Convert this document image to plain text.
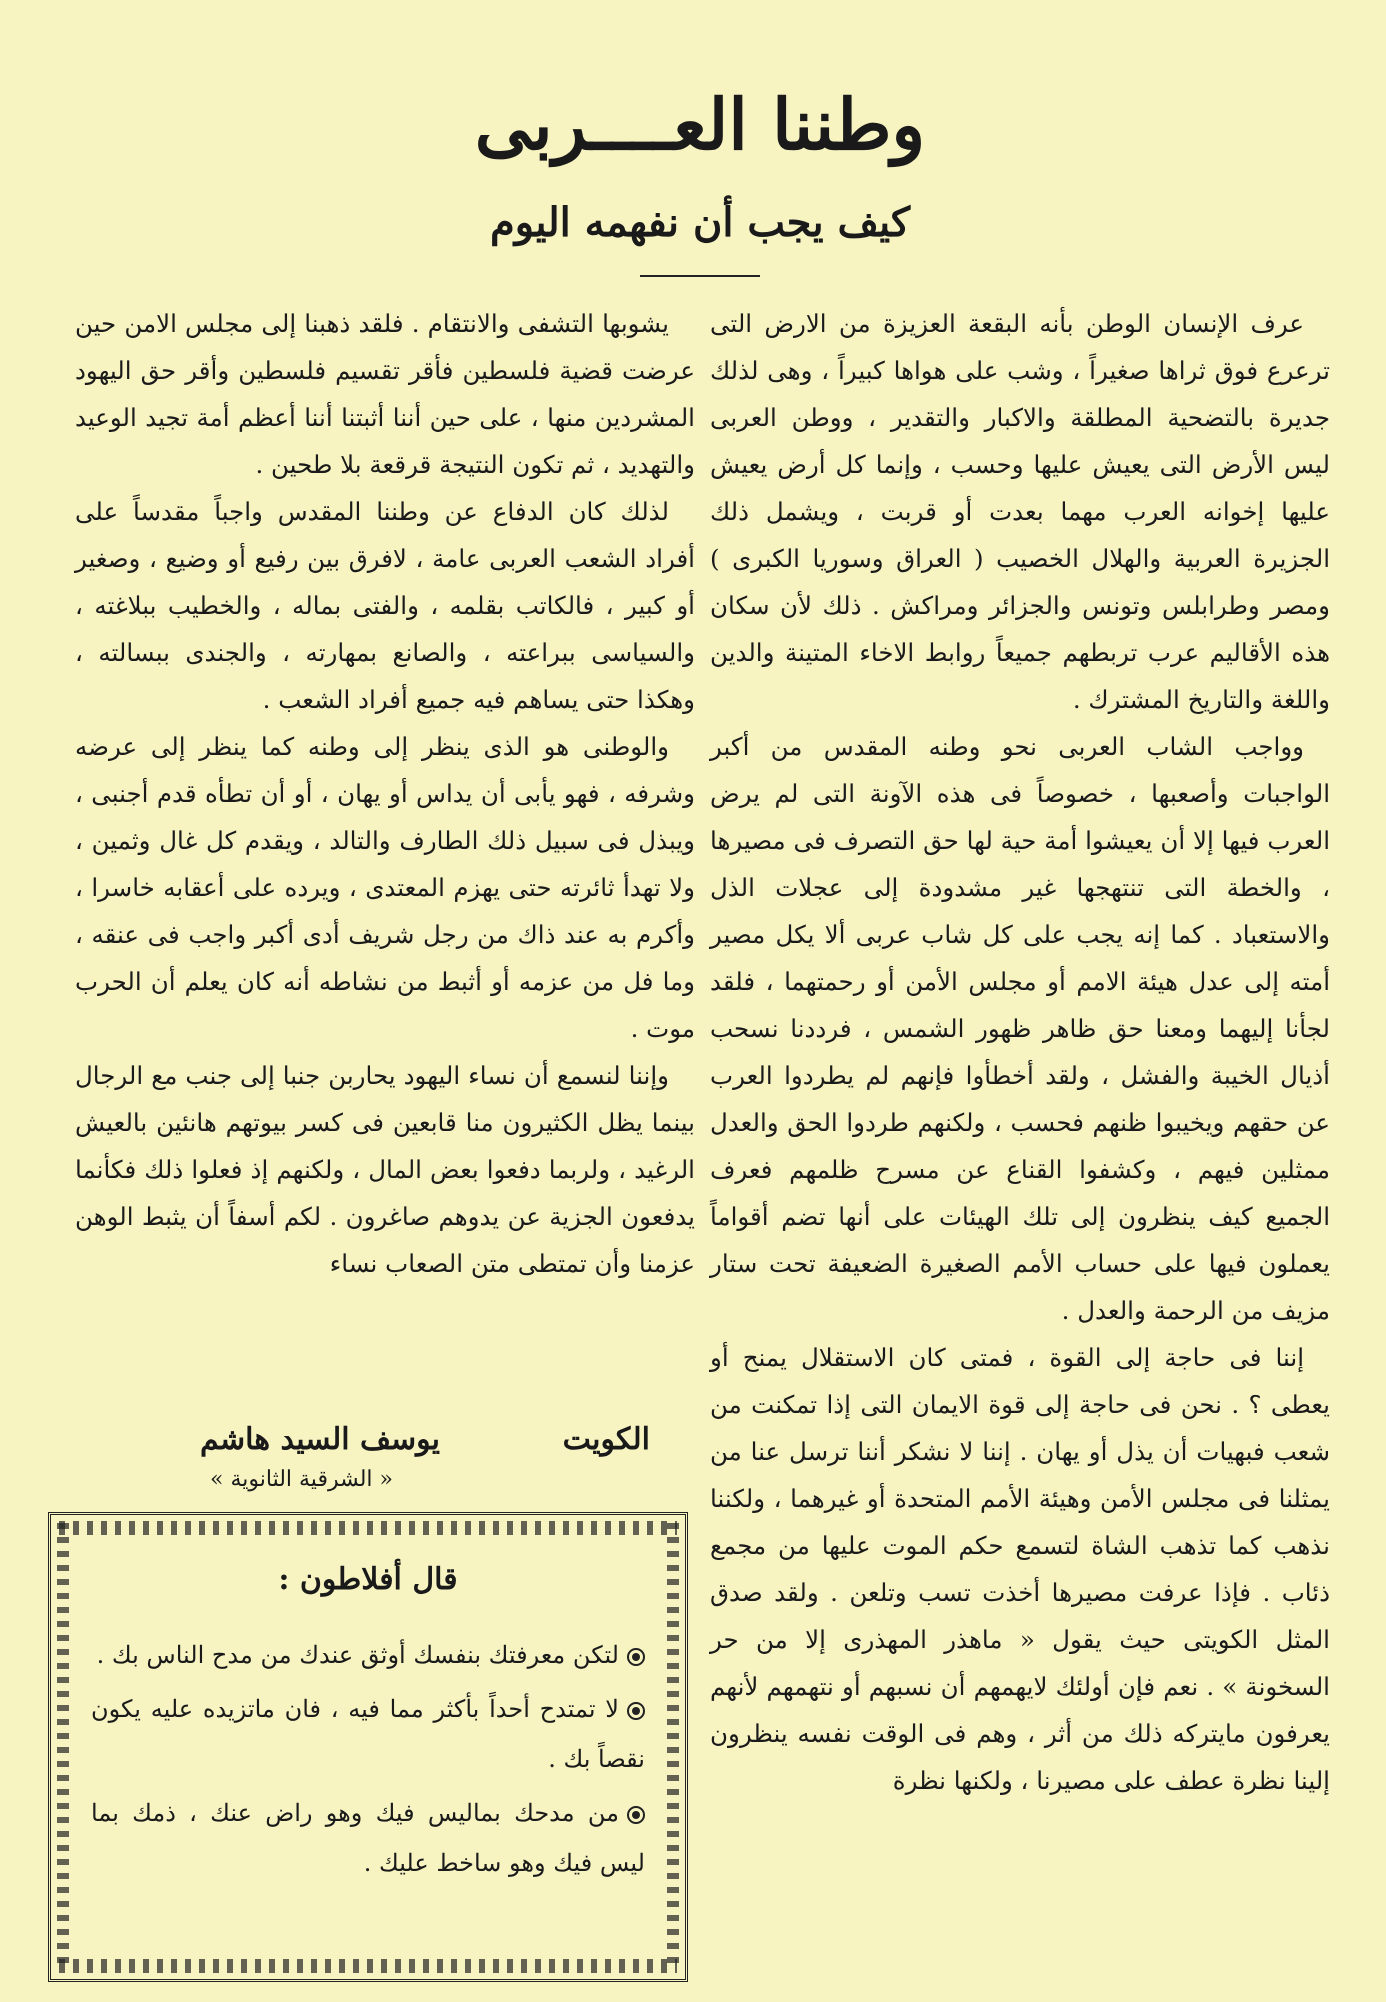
وطننا العــــربى
كيف يجب أن نفهمه اليوم

عرف الإنسان الوطن بأنه البقعة العزيزة من الارض التى ترعرع فوق ثراها صغيراً ، وشب على هواها كبيراً ، وهى لذلك جديرة بالتضحية المطلقة والاكبار والتقدير ، ووطن العربى ليس الأرض التى يعيش عليها وحسب ، وإنما كل أرض يعيش عليها إخوانه العرب مهما بعدت أو قربت ، ويشمل ذلك الجزيرة العربية والهلال الخصيب ( العراق وسوريا الكبرى ) ومصر وطرابلس وتونس والجزائر ومراكش . ذلك لأن سكان هذه الأقاليم عرب تربطهم جميعاً روابط الاخاء المتينة والدين واللغة والتاريخ المشترك .

وواجب الشاب العربى نحو وطنه المقدس من أكبر الواجبات وأصعبها ، خصوصاً فى هذه الآونة التى لم يرض العرب فيها إلا أن يعيشوا أمة حية لها حق التصرف فى مصيرها ، والخطة التى تنتهجها غير مشدودة إلى عجلات الذل والاستعباد . كما إنه يجب على كل شاب عربى ألا يكل مصير أمته إلى عدل هيئة الامم أو مجلس الأمن أو رحمتهما ، فلقد لجأنا إليهما ومعنا حق ظاهر ظهور الشمس ، فرددنا نسحب أذيال الخيبة والفشل ، ولقد أخطأوا فإنهم لم يطردوا العرب عن حقهم ويخيبوا ظنهم فحسب ، ولكنهم طردوا الحق والعدل ممثلين فيهم ، وكشفوا القناع عن مسرح ظلمهم فعرف الجميع كيف ينظرون إلى تلك الهيئات على أنها تضم أقواماً يعملون فيها على حساب الأمم الصغيرة الضعيفة تحت ستار مزيف من الرحمة والعدل .

إننا فى حاجة إلى القوة ، فمتى كان الاستقلال يمنح أو يعطى ؟ . نحن فى حاجة إلى قوة الايمان التى إذا تمكنت من شعب فبهيات أن يذل أو يهان . إننا لا نشكر أننا ترسل عنا من يمثلنا فى مجلس الأمن وهيئة الأمم المتحدة أو غيرهما ، ولكننا نذهب كما تذهب الشاة لتسمع حكم الموت عليها من مجمع ذئاب . فإذا عرفت مصيرها أخذت تسب وتلعن . ولقد صدق المثل الكويتى حيث يقول « ماهذر المهذرى إلا من حر السخونة » . نعم فإن أولئك لايهمهم أن نسبهم أو نتهمهم لأنهم يعرفون مايتركه ذلك من أثر ، وهم فى الوقت نفسه ينظرون إلينا نظرة عطف على مصيرنا ، ولكنها نظرة

يشوبها التشفى والانتقام . فلقد ذهبنا إلى مجلس الامن حين عرضت قضية فلسطين فأقر تقسيم فلسطين وأقر حق اليهود المشردين منها ، على حين أننا أثبتنا أننا أعظم أمة تجيد الوعيد والتهديد ، ثم تكون النتيجة قرقعة بلا طحين .

لذلك كان الدفاع عن وطننا المقدس واجباً مقدساً على أفراد الشعب العربى عامة ، لافرق بين رفيع أو وضيع ، وصغير أو كبير ، فالكاتب بقلمه ، والفتى بماله ، والخطيب ببلاغته ، والسياسى ببراعته ، والصانع بمهارته ، والجندى ببسالته ، وهكذا حتى يساهم فيه جميع أفراد الشعب .

والوطنى هو الذى ينظر إلى وطنه كما ينظر إلى عرضه وشرفه ، فهو يأبى أن يداس أو يهان ، أو أن تطأه قدم أجنبى ، ويبذل فى سبيل ذلك الطارف والتالد ، ويقدم كل غال وثمين ، ولا تهدأ ثائرته حتى يهزم المعتدى ، ويرده على أعقابه خاسرا ، وأكرم به عند ذاك من رجل شريف أدى أكبر واجب فى عنقه ، وما فل من عزمه أو أثبط من نشاطه أنه كان يعلم أن الحرب موت .

وإننا لنسمع أن نساء اليهود يحاربن جنبا إلى جنب مع الرجال بينما يظل الكثيرون منا قابعين فى كسر بيوتهم هانئين بالعيش الرغيد ، ولربما دفعوا بعض المال ، ولكنهم إذ فعلوا ذلك فكأنما يدفعون الجزية عن يدوهم صاغرون . لكم أسفاً أن يثبط الوهن عزمنا وأن تمتطى متن الصعاب نساء

الكويت
يوسف السيد هاشم
« الشرقية الثانوية »
قال أفلاطون :

لتكن معرفتك بنفسك أوثق عندك من مدح الناس بك .

لا تمتدح أحداً بأكثر مما فيه ، فان ماتزيده عليه يكون نقصاً بك .

من مدحك بماليس فيك وهو راض عنك ، ذمك بما ليس فيك وهو ساخط عليك .
